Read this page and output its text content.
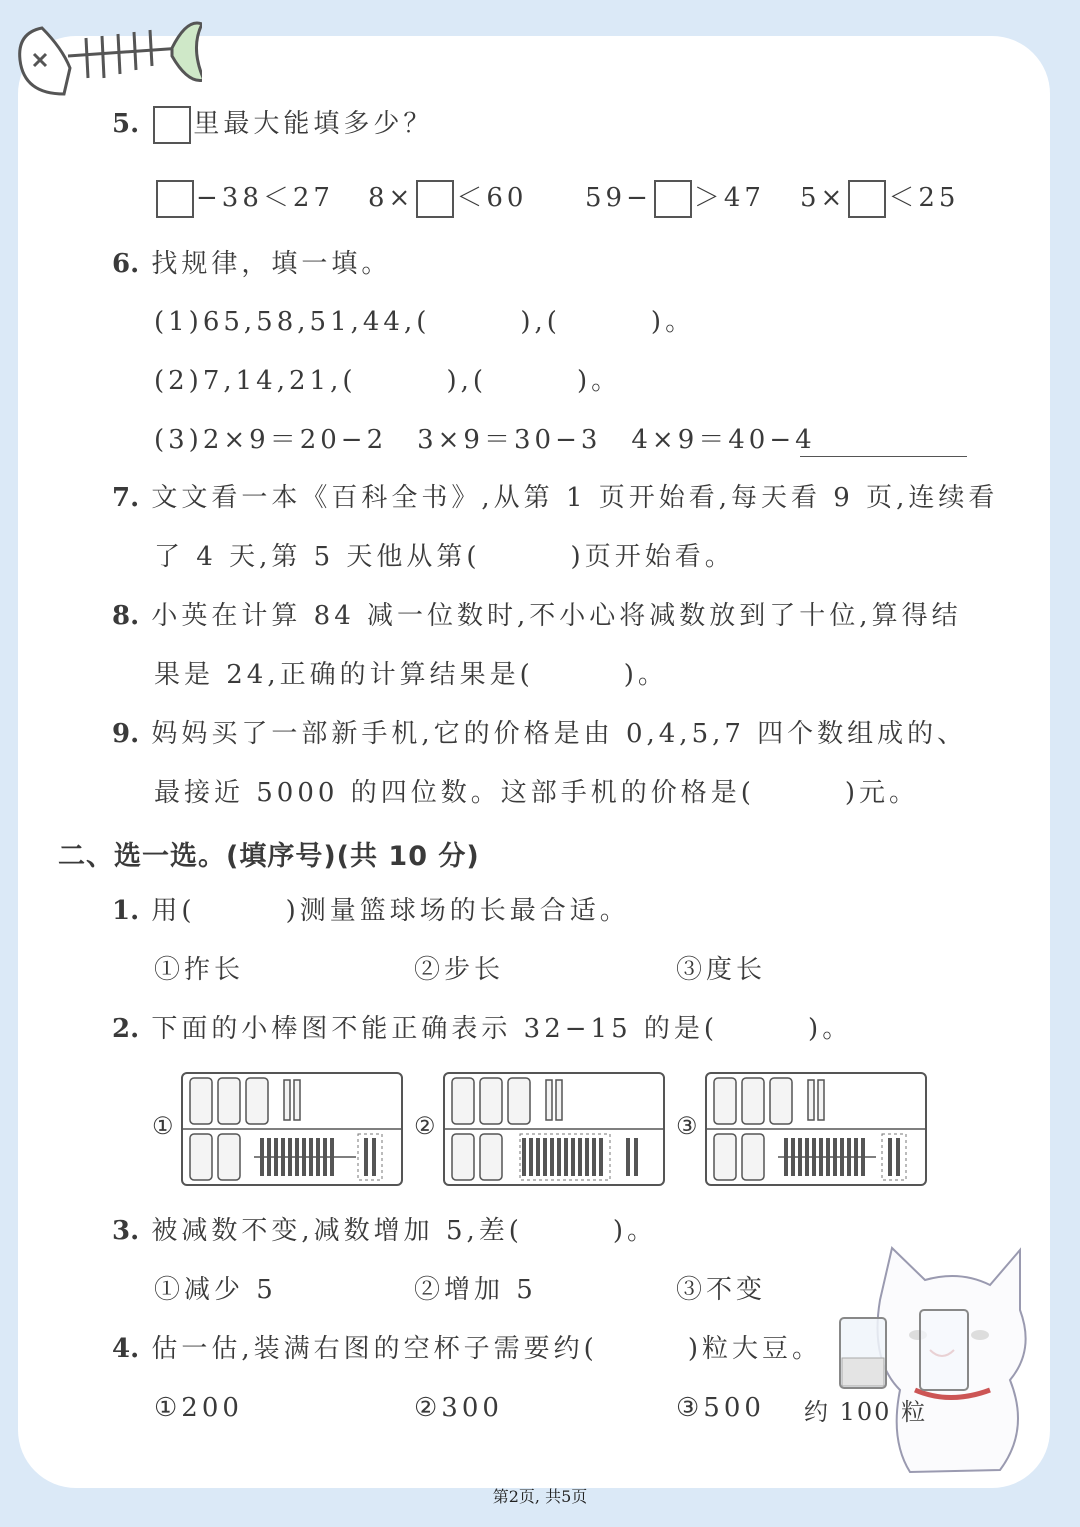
5. 里最大能填多少？
−38＜27 8× ＜60 59− ＞47 5× ＜25
6. 找规律，填一填。
(1)65,58,51,44,(　　　),(　　　)。
(2)7,14,21,(　　　),(　　　)。
(3)2×9＝20−2　3×9＝30−3　4×9＝40−4
7. 文文看一本《百科全书》,从第 1 页开始看,每天看 9 页,连续看
了 4 天,第 5 天他从第(　　　)页开始看。
8. 小英在计算 84 减一位数时,不小心将减数放到了十位,算得结
果是 24,正确的计算结果是(　　　)。
9. 妈妈买了一部新手机,它的价格是由 0,4,5,7 四个数组成的、
最接近 5000 的四位数。这部手机的价格是(　　　)元。
二、选一选。(填序号)(共 10 分)
1. 用(　　　)测量篮球场的长最合适。
①拃长	②步长	③度长
2. 下面的小棒图不能正确表示 32−15 的是(　　　)。
①	②	③
3. 被减数不变,减数增加 5,差(　　　)。
①减少 5	②增加 5	③不变
4. 估一估,装满右图的空杯子需要约(　　　)粒大豆。
①200	②300	③500 约 100 粒
第2页, 共5页
